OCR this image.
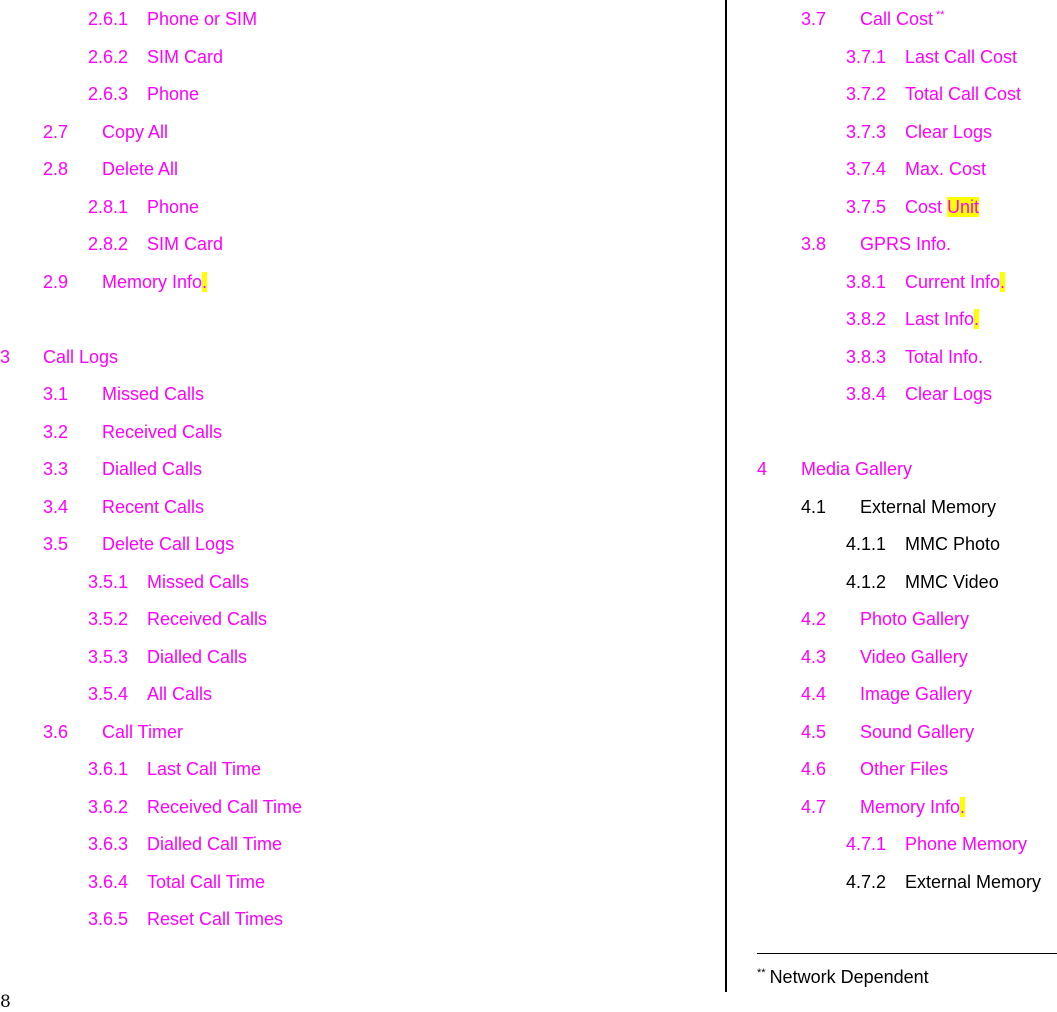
2.6.1 Phone or SIM
2.6.2 SIM Card
2.6.3 Phone
2.7 Copy All
2.8 Delete All
2.8.1 Phone
2.8.2 SIM Card
2.9 Memory Info.
3 Call Logs
3.1 Missed Calls
3.2 Received Calls
3.3 Dialled Calls
3.4 Recent Calls
3.5 Delete Call Logs
3.5.1 Missed Calls
3.5.2 Received Calls
3.5.3 Dialled Calls
3.5.4 All Calls
3.6 Call Timer
3.6.1 Last Call Time
3.6.2 Received Call Time
3.6.3 Dialled Call Time
3.6.4 Total Call Time
3.6.5 Reset Call Times
3.7 Call Cost **
3.7.1 Last Call Cost
3.7.2 Total Call Cost
3.7.3 Clear Logs
3.7.4 Max. Cost
3.7.5 Cost Unit
3.8 GPRS Info.
3.8.1 Current Info.
3.8.2 Last Info.
3.8.3 Total Info.
3.8.4 Clear Logs
4 Media Gallery
4.1 External Memory
4.1.1 MMC Photo
4.1.2 MMC Video
4.2 Photo Gallery
4.3 Video Gallery
4.4 Image Gallery
4.5 Sound Gallery
4.6 Other Files
4.7 Memory Info.
4.7.1 Phone Memory
4.7.2 External Memory
** Network Dependent
8
